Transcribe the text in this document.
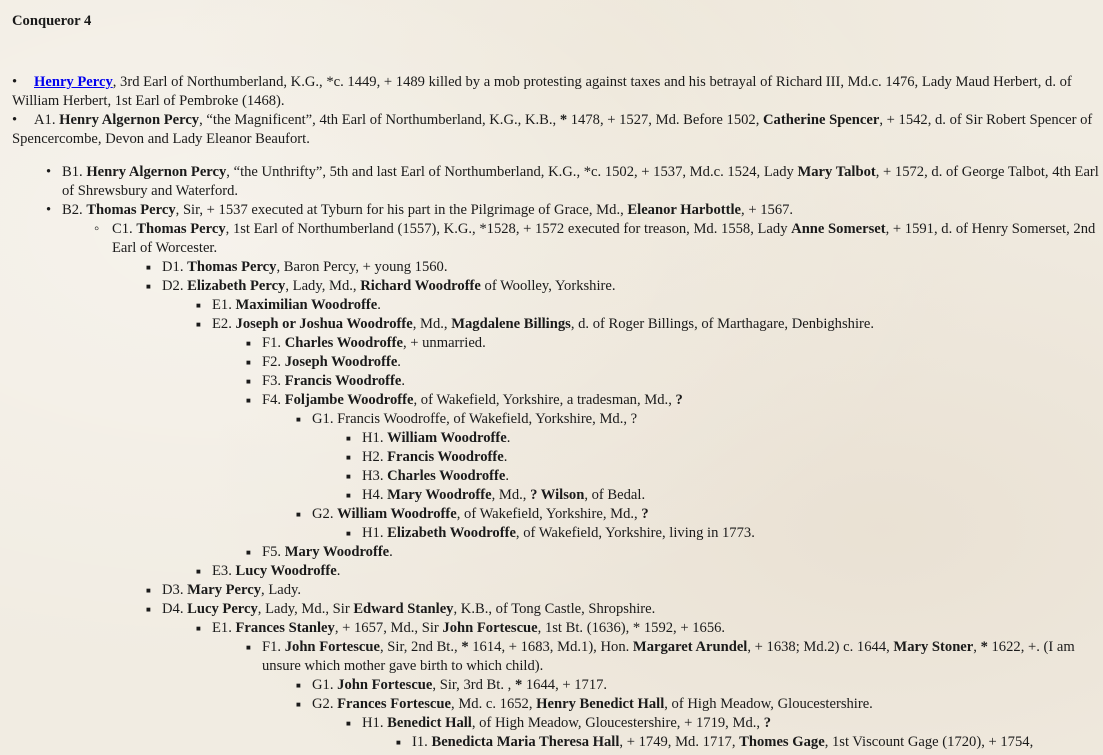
Conqueror 4
•
Henry Percy, 3rd Earl of Northumberland, K.G., *c. 1449, + 1489 killed by a mob protesting against taxes and his betrayal of Richard III, Md.c. 1476, Lady Maud Herbert, d. of William Herbert, 1st Earl of Pembroke (1468).
•
A1. Henry Algernon Percy, “the Magnificent”, 4th Earl of Northumberland, K.G., K.B., * 1478, + 1527, Md. Before 1502, Catherine Spencer, + 1542, d. of Sir Robert Spencer of Spencercombe, Devon and Lady Eleanor Beaufort.
•
B1. Henry Algernon Percy, “the Unthrifty”, 5th and last Earl of Northumberland, K.G., *c. 1502, + 1537, Md.c. 1524, Lady Mary Talbot, + 1572, d. of George Talbot, 4th Earl of Shrewsbury and Waterford.
•
B2. Thomas Percy, Sir, + 1537 executed at Tyburn for his part in the Pilgrimage of Grace, Md., Eleanor Harbottle, + 1567.
◦
C1. Thomas Percy, 1st Earl of Northumberland (1557), K.G., *1528, + 1572 executed for treason, Md. 1558, Lady Anne Somerset, + 1591, d. of Henry Somerset, 2nd Earl of Worcester.
■
D1. Thomas Percy, Baron Percy, + young 1560.
■
D2. Elizabeth Percy, Lady, Md., Richard Woodroffe of Woolley, Yorkshire.
■
E1. Maximilian Woodroffe.
■
E2. Joseph or Joshua Woodroffe, Md., Magdalene Billings, d. of Roger Billings, of Marthagare, Denbighshire.
■
F1. Charles Woodroffe, + unmarried.
■
F2. Joseph Woodroffe.
■
F3. Francis Woodroffe.
■
F4. Foljambe Woodroffe, of Wakefield, Yorkshire, a tradesman, Md., ?
■
G1. Francis Woodroffe, of Wakefield, Yorkshire, Md., ?
■
H1. William Woodroffe.
■
H2. Francis Woodroffe.
■
H3. Charles Woodroffe.
■
H4. Mary Woodroffe, Md., ? Wilson, of Bedal.
■
G2. William Woodroffe, of Wakefield, Yorkshire, Md., ?
■
H1. Elizabeth Woodroffe, of Wakefield, Yorkshire, living in 1773.
■
F5. Mary Woodroffe.
■
E3. Lucy Woodroffe.
■
D3. Mary Percy, Lady.
■
D4. Lucy Percy, Lady, Md., Sir Edward Stanley, K.B., of Tong Castle, Shropshire.
■
E1. Frances Stanley, + 1657, Md., Sir John Fortescue, 1st Bt. (1636), * 1592, + 1656.
■
F1. John Fortescue, Sir, 2nd Bt., * 1614, + 1683, Md.1), Hon. Margaret Arundel, + 1638; Md.2) c. 1644, Mary Stoner, * 1622, +. (I am unsure which mother gave birth to which child).
■
G1. John Fortescue, Sir, 3rd Bt. , * 1644, + 1717.
■
G2. Frances Fortescue, Md. c. 1652, Henry Benedict Hall, of High Meadow, Gloucestershire.
■
H1. Benedict Hall, of High Meadow, Gloucestershire, + 1719, Md., ?
■
I1. Benedicta Maria Theresa Hall, + 1749, Md. 1717, Thomes Gage, 1st Viscount Gage (1720), + 1754,
